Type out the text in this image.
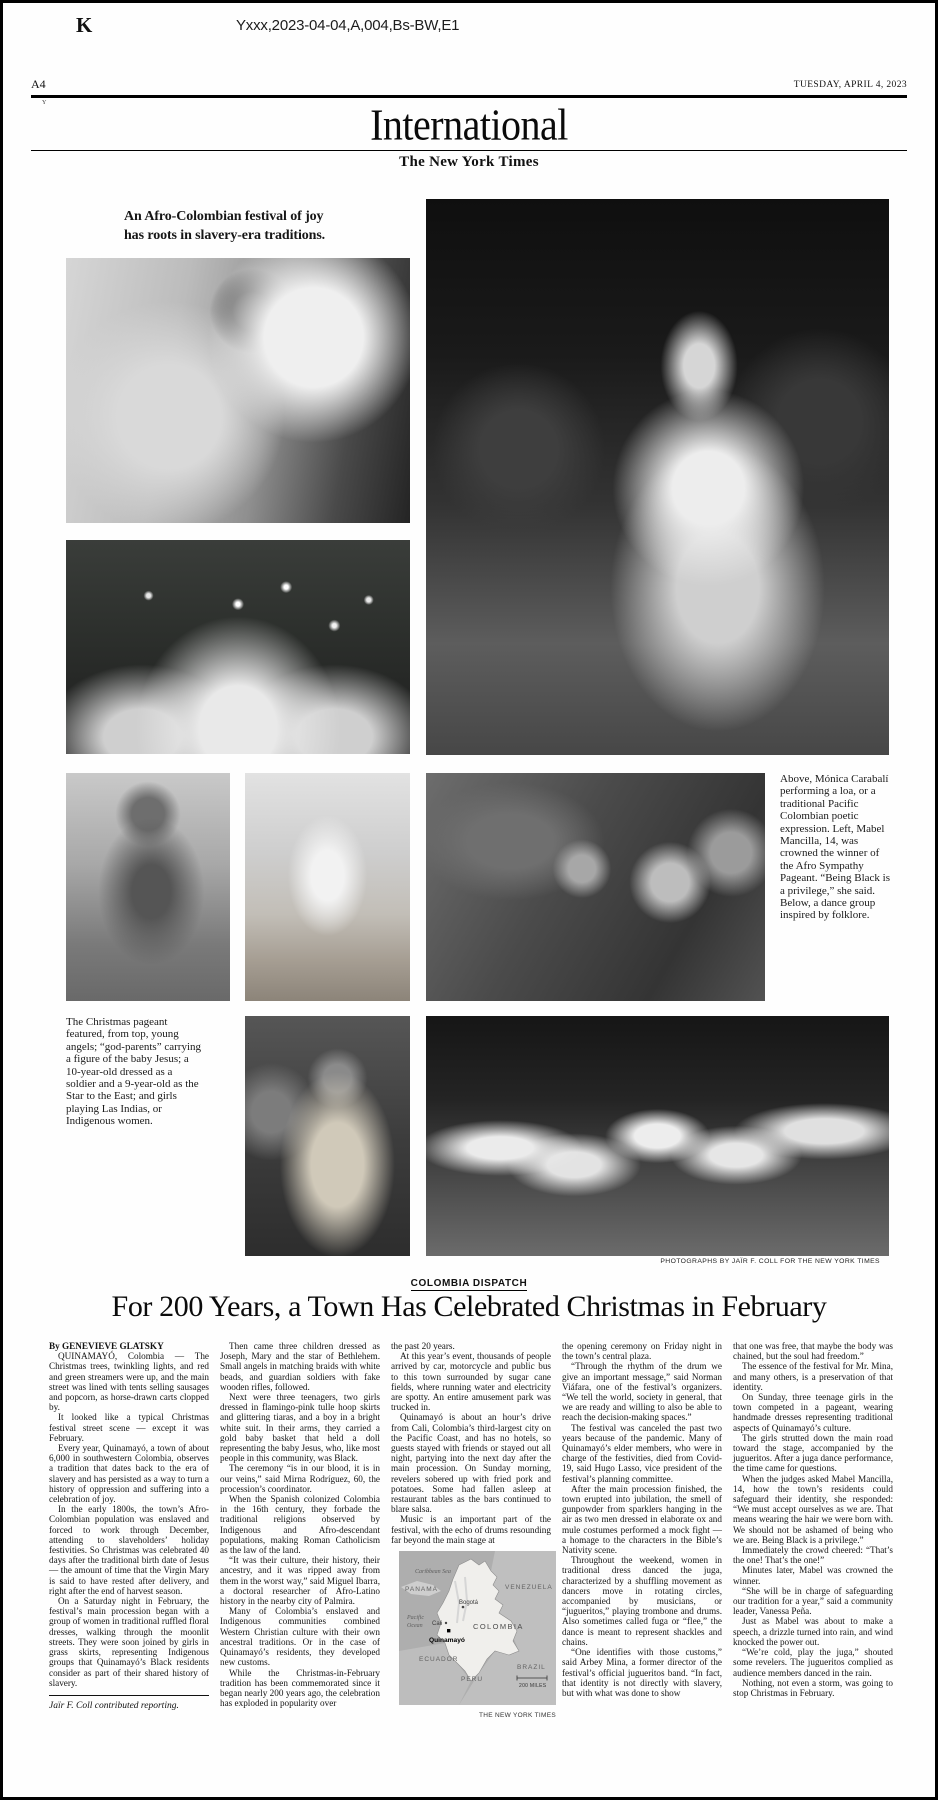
K	Yxxx,2023-04-04,A,004,Bs-BW,E1
A4	TUESDAY, APRIL 4, 2023
Y	International
The New York Times
An Afro-Colombian festival of joy
has roots in slavery-era traditions.
Above, Mónica Carabalí performing a loa, or a traditional Pacific Colombian poetic expression. Left, Mabel Mancilla, 14, was crowned the winner of the Afro Sympathy Pageant. “Being Black is a privilege,” she said. Below, a dance group inspired by folklore.
The Christmas pageant featured, from top, young angels; “god-parents” carrying a figure of the baby Jesus; a 10-year-old dressed as a soldier and a 9-year-old as the Star to the East; and girls playing Las Indias, or Indigenous women.
PHOTOGRAPHS BY JAÏR F. COLL FOR THE NEW YORK TIMES
COLOMBIA DISPATCH
For 200 Years, a Town Has Celebrated Christmas in February

By GENEVIEVE GLATSKY

QUINAMAYÓ, Colombia — The Christmas trees, twinkling lights, and red and green streamers were up, and the main street was lined with tents selling sausages and popcorn, as horse-drawn carts clopped by.

It looked like a typical Christmas festival street scene — except it was February.

Every year, Quinamayó, a town of about 6,000 in southwestern Colombia, observes a tradition that dates back to the era of slavery and has persisted as a way to turn a history of oppression and suffering into a celebration of joy.

In the early 1800s, the town’s Afro-Colombian population was enslaved and forced to work through December, attending to slaveholders’ holiday festivities. So Christmas was celebrated 40 days after the traditional birth date of Jesus — the amount of time that the Virgin Mary is said to have rested after delivery, and right after the end of harvest season.

On a Saturday night in February, the festival’s main procession began with a group of women in traditional ruffled floral dresses, walking through the moonlit streets. They were soon joined by girls in grass skirts, representing Indigenous groups that Quinamayó’s Black residents consider as part of their shared history of slavery.

Jaïr F. Coll contributed reporting.

Then came three children dressed as Joseph, Mary and the star of Bethlehem. Small angels in matching braids with white beads, and guardian soldiers with fake wooden rifles, followed.

Next were three teenagers, two girls dressed in flamingo-pink tulle hoop skirts and glittering tiaras, and a boy in a bright white suit. In their arms, they carried a gold baby basket that held a doll representing the baby Jesus, who, like most people in this community, was Black.

The ceremony “is in our blood, it is in our veins,” said Mirna Rodríguez, 60, the procession’s coordinator.

When the Spanish colonized Colombia in the 16th century, they forbade the traditional religions observed by Indigenous and Afro-descendant populations, making Roman Catholicism as the law of the land.

“It was their culture, their history, their ancestry, and it was ripped away from them in the worst way,” said Miguel Ibarra, a doctoral researcher of Afro-Latino history in the nearby city of Palmira.

Many of Colombia’s enslaved and Indigenous communities combined Western Christian culture with their own ancestral traditions. Or in the case of Quinamayó’s residents, they developed new customs.

While the Christmas-in-February tradition has been commemorated since it began nearly 200 years ago, the celebration has exploded in popularity over

the past 20 years.

At this year’s event, thousands of people arrived by car, motorcycle and public bus to this town surrounded by sugar cane fields, where running water and electricity are spotty. An entire amusement park was trucked in.

Quinamayó is about an hour’s drive from Cali, Colombia’s third-largest city on the Pacific Coast, and has no hotels, so guests stayed with friends or stayed out all night, partying into the next day after the main procession. On Sunday morning, revelers sobered up with fried pork and potatoes. Some had fallen asleep at restaurant tables as the bars continued to blare salsa.

Music is an important part of the festival, with the echo of drums resounding far beyond the main stage at

Caribbean Sea
PANAMA	VENEZUELA
Pacific
Ocean
Bogotá
Cali	COLOMBIA
Quinamayó
ECUADOR
PERU
BRAZIL
200 MILES
THE NEW YORK TIMES

the opening ceremony on Friday night in the town’s central plaza.

“Through the rhythm of the drum we give an important message,” said Norman Viáfara, one of the festival’s organizers. “We tell the world, society in general, that we are ready and willing to also be able to reach the decision-making spaces.”

The festival was canceled the past two years because of the pandemic. Many of Quinamayó’s elder members, who were in charge of the festivities, died from Covid-19, said Hugo Lasso, vice president of the festival’s planning committee.

After the main procession finished, the town erupted into jubilation, the smell of gunpowder from sparklers hanging in the air as two men dressed in elaborate ox and mule costumes performed a mock fight — a homage to the characters in the Bible’s Nativity scene.

Throughout the weekend, women in traditional dress danced the juga, characterized by a shuffling movement as dancers move in rotating circles, accompanied by musicians, or “jugueritos,” playing trombone and drums. Also sometimes called fuga or “flee,” the dance is meant to represent shackles and chains.

“One identifies with those customs,” said Arbey Mina, a former director of the festival’s official jugueritos band. “In fact, that identity is not directly with slavery, but with what was done to show

that one was free, that maybe the body was chained, but the soul had freedom.”

The essence of the festival for Mr. Mina, and many others, is a preservation of that identity.

On Sunday, three teenage girls in the town competed in a pageant, wearing handmade dresses representing traditional aspects of Quinamayó’s culture.

The girls strutted down the main road toward the stage, accompanied by the jugueritos. After a juga dance performance, the time came for questions.

When the judges asked Mabel Mancilla, 14, how the town’s residents could safeguard their identity, she responded: “We must accept ourselves as we are. That means wearing the hair we were born with. We should not be ashamed of being who we are. Being Black is a privilege.”

Immediately the crowd cheered: “That’s the one! That’s the one!”

Minutes later, Mabel was crowned the winner.

“She will be in charge of safeguarding our tradition for a year,” said a community leader, Vanessa Peña.

Just as Mabel was about to make a speech, a drizzle turned into rain, and wind knocked the power out.

“We’re cold, play the juga,” shouted some revelers. The jugueritos complied as audience members danced in the rain.

Nothing, not even a storm, was going to stop Christmas in February.
